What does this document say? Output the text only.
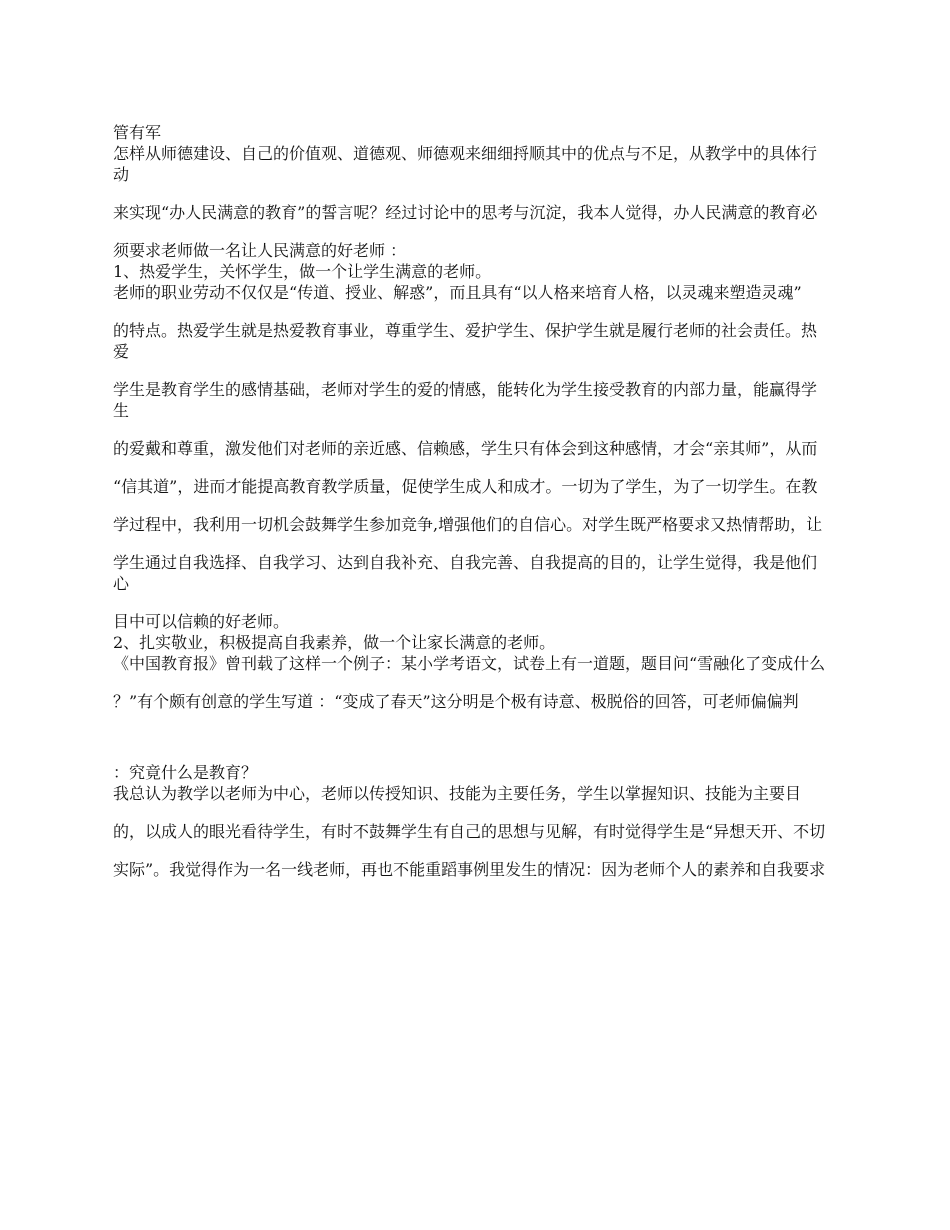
管有军

怎样从师德建设、自己的价值观、道德观、师德观来细细捋顺其中的优点与不足，从教学中的具体行动

来实现“办人民满意的教育”的誓言呢？经过讨论中的思考与沉淀，我本人觉得，办人民满意的教育必

须要求老师做一名让人民满意的好老师 ：

1、热爱学生，关怀学生，做一个让学生满意的老师。

老师的职业劳动不仅仅是“传道、授业、解惑”，而且具有“以人格来培育人格，以灵魂来塑造灵魂”

的特点。热爱学生就是热爱教育事业，尊重学生、爱护学生、保护学生就是履行老师的社会责任。热爱

学生是教育学生的感情基础，老师对学生的爱的情感，能转化为学生接受教育的内部力量，能赢得学生

的爱戴和尊重，激发他们对老师的亲近感、信赖感，学生只有体会到这种感情，才会“亲其师”，从而

“信其道”，进而才能提高教育教学质量，促使学生成人和成才。一切为了学生，为了一切学生。在教

学过程中，我利用一切机会鼓舞学生参加竞争,增强他们的自信心。对学生既严格要求又热情帮助，让

学生通过自我选择、自我学习、达到自我补充、自我完善、自我提高的目的，让学生觉得，我是他们心

目中可以信赖的好老师。

2、扎实敬业，积极提高自我素养，做一个让家长满意的老师。

《中国教育报》曾刊载了这样一个例子：某小学考语文，试卷上有一道题，题目问“雪融化了变成什么

？”有个颇有创意的学生写道 ：“变成了春天”这分明是个极有诗意、极脱俗的回答，可老师偏偏判

：究竟什么是教育？

我总认为教学以老师为中心，老师以传授知识、技能为主要任务，学生以掌握知识、技能为主要目

的，以成人的眼光看待学生，有时不鼓舞学生有自己的思想与见解，有时觉得学生是“异想天开、不切

实际”。我觉得作为一名一线老师，再也不能重蹈事例里发生的情况：因为老师个人的素养和自我要求
